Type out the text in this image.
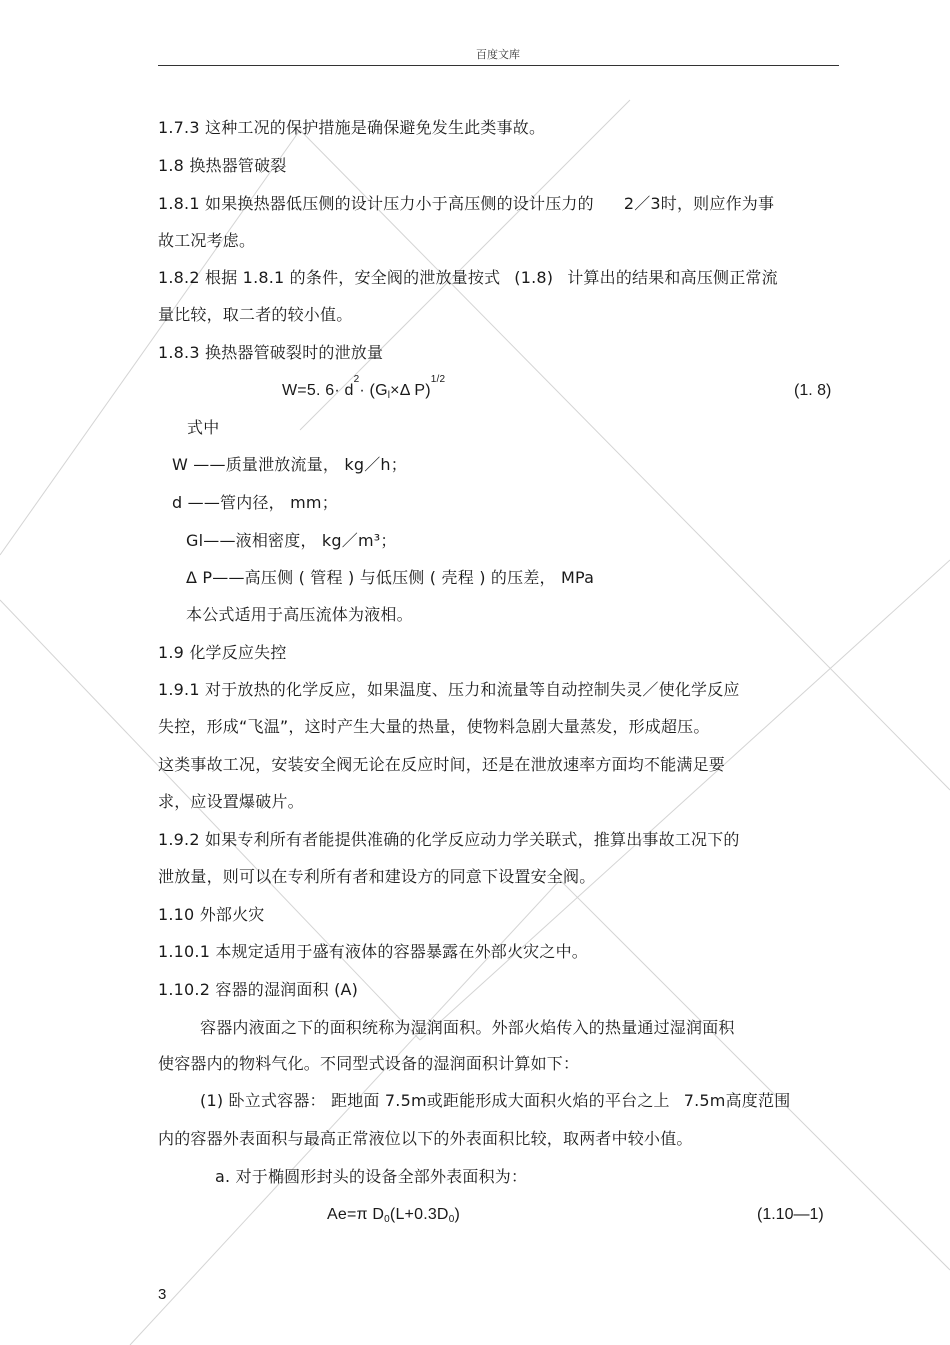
百度文库
1.7.3 这种工况的保护措施是确保避免发生此类事故。
1.8 换热器管破裂
1.8.1 如果换热器低压侧的设计压力小于高压侧的设计压力的 2／3时，则应作为事
故工况考虑。
1.8.2 根据 1.8.1 的条件，安全阀的泄放量按式 (1.8) 计算出的结果和高压侧正常流
量比较，取二者的较小值。
1.8.3 换热器管破裂时的泄放量
W=5. $6\cdot d^2\cdot (G_l\times\Delta$ P)$^{1/2}$
(1. 8)
式中
W ——质量泄放流量， kg／h；
d ——管内径， mm；
Gl——液相密度， kg／m³；
Δ P——高压侧 ( 管程 ) 与低压侧 ( 壳程 ) 的压差， MPa
本公式适用于高压流体为液相。
1.9 化学反应失控
1.9.1 对于放热的化学反应，如果温度、压力和流量等自动控制失灵／使化学反应
失控，形成“飞温”，这时产生大量的热量，使物料急剧大量蒸发，形成超压。
这类事故工况，安装安全阀无论在反应时间，还是在泄放速率方面均不能满足要
求，应设置爆破片。
1.9.2 如果专利所有者能提供准确的化学反应动力学关联式，推算出事故工况下的
泄放量，则可以在专利所有者和建设方的同意下设置安全阀。
1.10 外部火灾
1.10.1 本规定适用于盛有液体的容器暴露在外部火灾之中。
1.10.2 容器的湿润面积 (A)
容器内液面之下的面积统称为湿润面积。外部火焰传入的热量通过湿润面积
使容器内的物料气化。不同型式设备的湿润面积计算如下：
(1) 卧立式容器： 距地面 7.5m或距能形成大面积火焰的平台之上 7.5m高度范围
内的容器外表面积与最高正常液位以下的外表面积比较，取两者中较小值。
a. 对于椭圆形封头的设备全部外表面积为：
Ae=π $D_0(L+0.3D_0)$	(1.10—1)
3
